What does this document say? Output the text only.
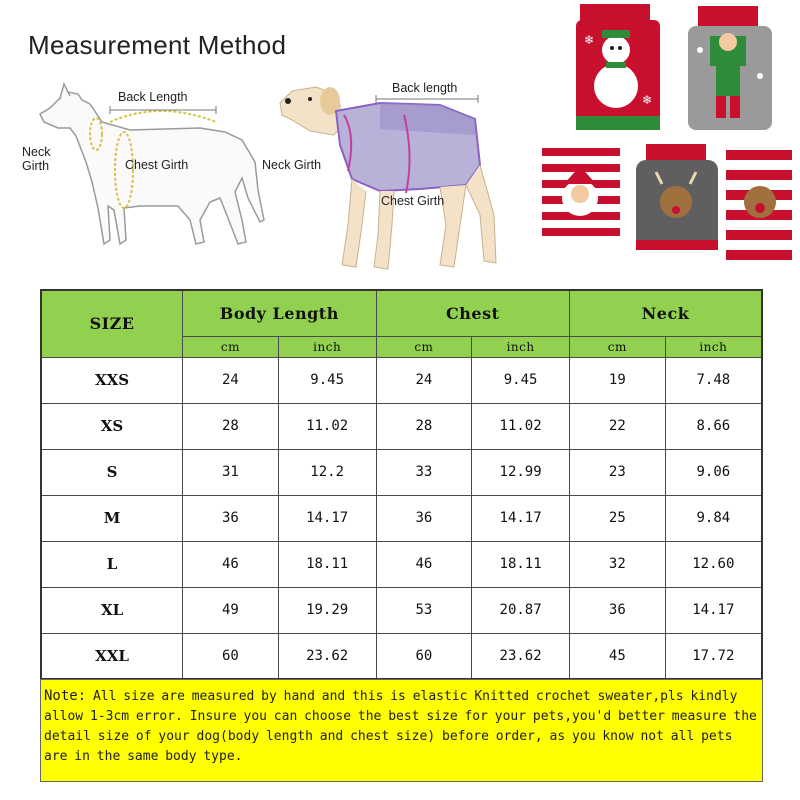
Measurement Method
Back Length
Neck
Girth	Chest Girth
Back length
Neck Girth
Chest Girth
❄
❄
SIZE	Body Length		Chest		Neck	
	cm	inch	cm	inch	cm	inch
XXS	24	9.45	24	9.45	19	7.48
XS	28	11.02	28	11.02	22	8.66
S	31	12.2	33	12.99	23	9.06
M	36	14.17	36	14.17	25	9.84
L	46	18.11	46	18.11	32	12.60
XL	49	19.29	53	20.87	36	14.17
XXL	60	23.62	60	23.62	45	17.72
Note: All size are measured by hand and this is elastic Knitted crochet sweater,pls kindly allow 1-3cm error. Insure you can choose the best size for your pets,you'd better measure the detail size of your dog(body length and chest size) before order, as you know not all pets are in the same body type.
